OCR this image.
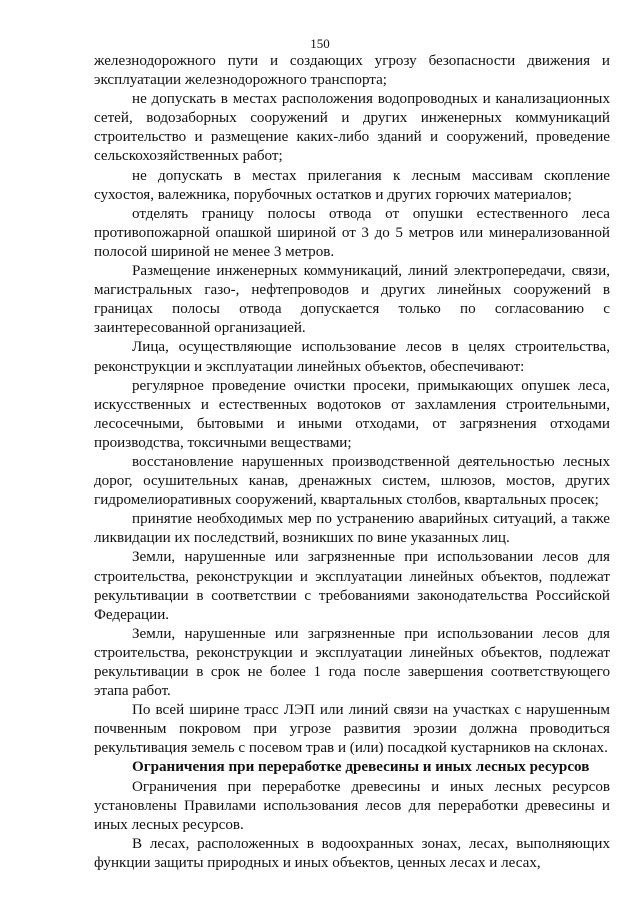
150

железнодорожного пути и создающих угрозу безопасности движения и эксплуатации железнодорожного транспорта;

не допускать в местах расположения водопроводных и канализационных сетей, водозаборных сооружений и других инженерных коммуникаций строительство и размещение каких-либо зданий и сооружений, проведение сельскохозяйственных работ;

не допускать в местах прилегания к лесным массивам скопление сухостоя, валежника, порубочных остатков и других горючих материалов;

отделять границу полосы отвода от опушки естественного леса противопожарной опашкой шириной от 3 до 5 метров или минерализованной полосой шириной не менее 3 метров.

Размещение инженерных коммуникаций, линий электропередачи, связи, магистральных газо-, нефтепроводов и других линейных сооружений в границах полосы отвода допускается только по согласованию с заинтересованной организацией.

Лица, осуществляющие использование лесов в целях строительства, реконструкции и эксплуатации линейных объектов, обеспечивают:

регулярное проведение очистки просеки, примыкающих опушек леса, искусственных и естественных водотоков от захламления строительными, лесосечными, бытовыми и иными отходами, от загрязнения отходами производства, токсичными веществами;

восстановление нарушенных производственной деятельностью лесных дорог, осушительных канав, дренажных систем, шлюзов, мостов, других гидромелиоративных сооружений, квартальных столбов, квартальных просек;

принятие необходимых мер по устранению аварийных ситуаций, а также ликвидации их последствий, возникших по вине указанных лиц.

Земли, нарушенные или загрязненные при использовании лесов для строительства, реконструкции и эксплуатации линейных объектов, подлежат рекультивации в соответствии с требованиями законодательства Российской Федерации.

Земли, нарушенные или загрязненные при использовании лесов для строительства, реконструкции и эксплуатации линейных объектов, подлежат рекультивации в срок не более 1 года после завершения соответствующего этапа работ.

По всей ширине трасс ЛЭП или линий связи на участках с нарушенным почвенным покровом при угрозе развития эрозии должна проводиться рекультивация земель с посевом трав и (или) посадкой кустарников на склонах.

Ограничения при переработке древесины и иных лесных ресурсов

Ограничения при переработке древесины и иных лесных ресурсов установлены Правилами использования лесов для переработки древесины и иных лесных ресурсов.

В лесах, расположенных в водоохранных зонах, лесах, выполняющих функции защиты природных и иных объектов, ценных лесах и лесах,
